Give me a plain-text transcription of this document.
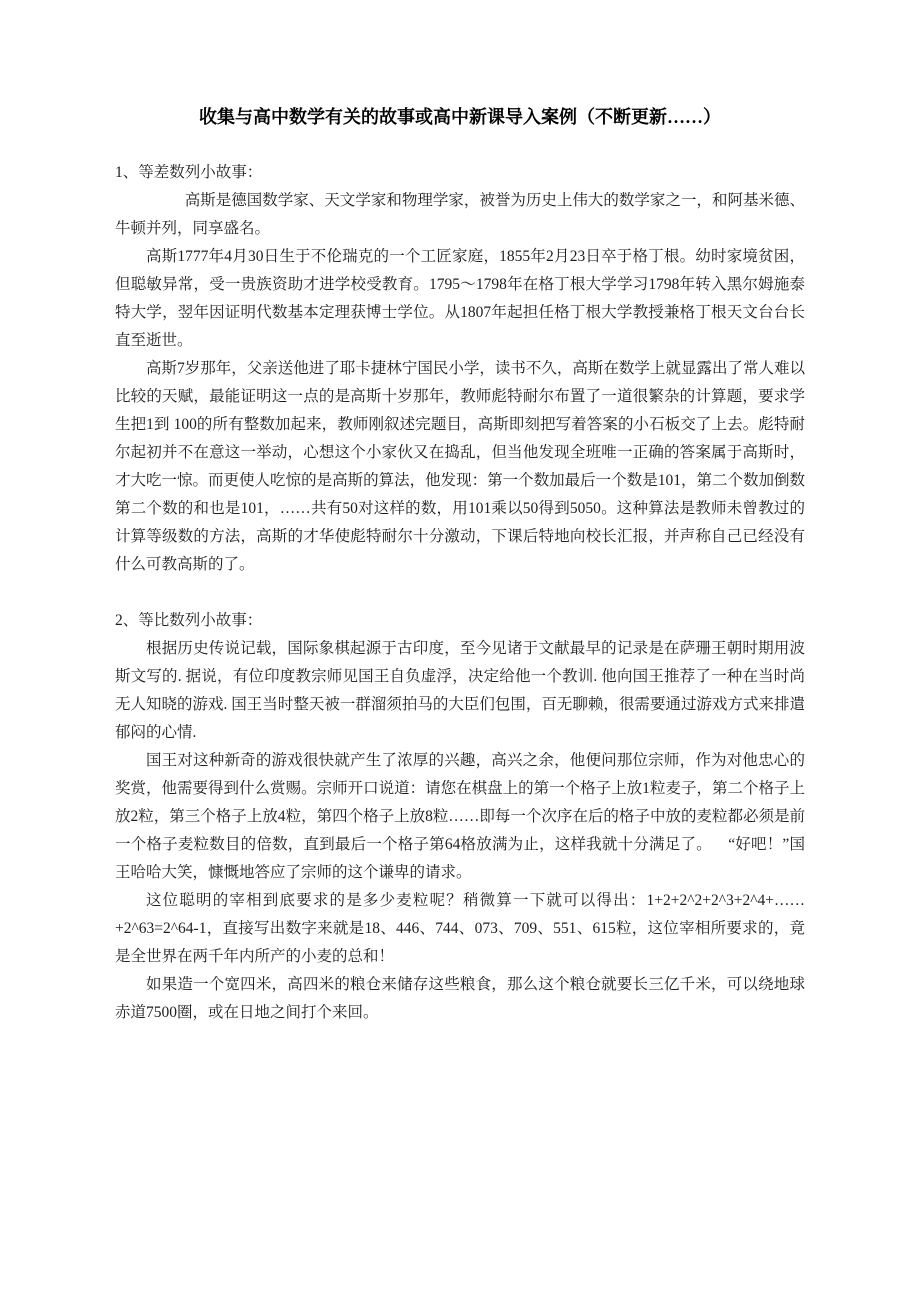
收集与高中数学有关的故事或高中新课导入案例（不断更新……）

1、等差数列小故事：

高斯是德国数学家、天文学家和物理学家，被誉为历史上伟大的数学家之一，和阿基米德、牛顿并列，同享盛名。

高斯1777年4月30日生于不伦瑞克的一个工匠家庭，1855年2月23日卒于格丁根。幼时家境贫困，但聪敏异常，受一贵族资助才进学校受教育。1795～1798年在格丁根大学学习1798年转入黑尔姆施泰特大学，翌年因证明代数基本定理获博士学位。从1807年起担任格丁根大学教授兼格丁根天文台台长直至逝世。

高斯7岁那年，父亲送他进了耶卡捷林宁国民小学，读书不久，高斯在数学上就显露出了常人难以比较的天赋，最能证明这一点的是高斯十岁那年，教师彪特耐尔布置了一道很繁杂的计算题，要求学生把1到 100的所有整数加起来，教师刚叙述完题目，高斯即刻把写着答案的小石板交了上去。彪特耐尔起初并不在意这一举动，心想这个小家伙又在捣乱，但当他发现全班唯一正确的答案属于高斯时，才大吃一惊。而更使人吃惊的是高斯的算法，他发现：第一个数加最后一个数是101，第二个数加倒数第二个数的和也是101，……共有50对这样的数，用101乘以50得到5050。这种算法是教师未曾教过的计算等级数的方法，高斯的才华使彪特耐尔十分激动，下课后特地向校长汇报，并声称自己已经没有什么可教高斯的了。

2、等比数列小故事：

根据历史传说记载，国际象棋起源于古印度，至今见诸于文献最早的记录是在萨珊王朝时期用波斯文写的. 据说，有位印度教宗师见国王自负虚浮，决定给他一个教训. 他向国王推荐了一种在当时尚无人知晓的游戏. 国王当时整天被一群溜须拍马的大臣们包围，百无聊赖，很需要通过游戏方式来排遣郁闷的心情.

国王对这种新奇的游戏很快就产生了浓厚的兴趣，高兴之余，他便问那位宗师，作为对他忠心的奖赏，他需要得到什么赏赐。宗师开口说道：请您在棋盘上的第一个格子上放1粒麦子，第二个格子上放2粒，第三个格子上放4粒，第四个格子上放8粒……即每一个次序在后的格子中放的麦粒都必须是前一个格子麦粒数目的倍数，直到最后一个格子第64格放满为止，这样我就十分满足了。    “好吧！”国王哈哈大笑，慷慨地答应了宗师的这个谦卑的请求。

这位聪明的宰相到底要求的是多少麦粒呢？稍微算一下就可以得出：1+2+2^2+2^3+2^4+……+2^63=2^64-1，直接写出数字来就是18、446、744、073、709、551、615粒，这位宰相所要求的，竟是全世界在两千年内所产的小麦的总和！

如果造一个宽四米，高四米的粮仓来储存这些粮食，那么这个粮仓就要长三亿千米，可以绕地球赤道7500圈，或在日地之间打个来回。
